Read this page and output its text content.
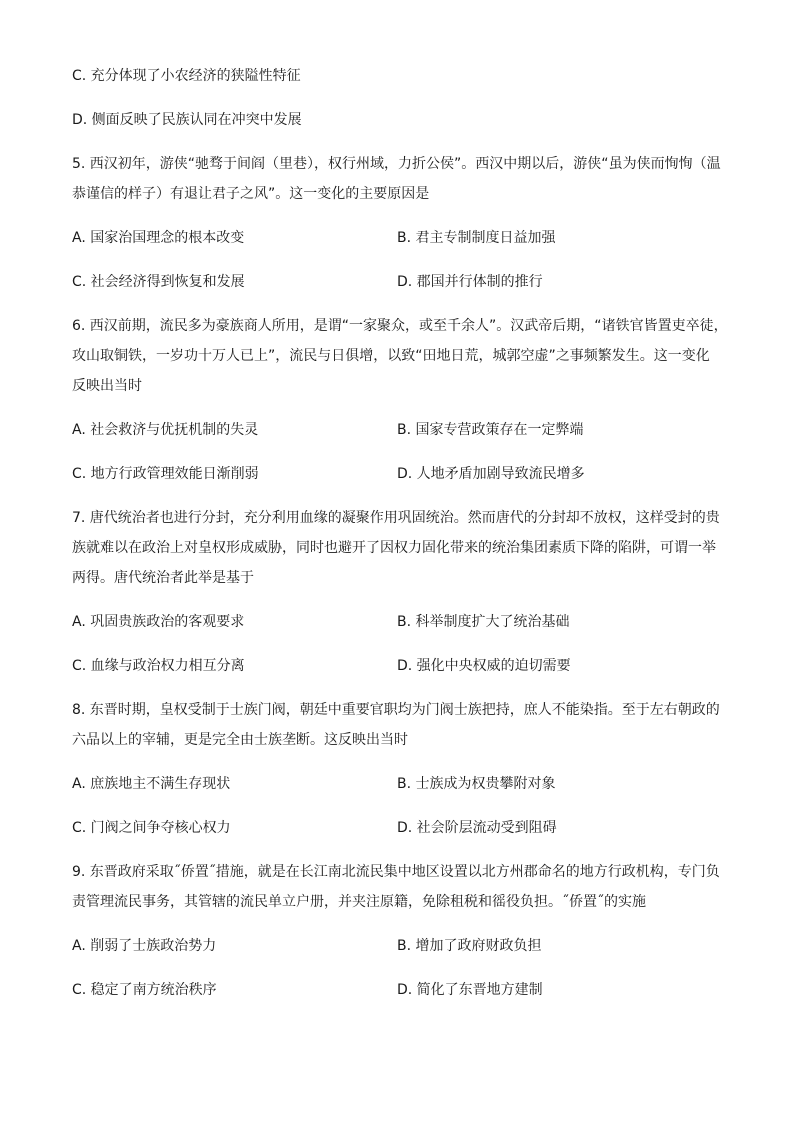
C. 充分体现了小农经济的狭隘性特征
D. 侧面反映了民族认同在冲突中发展
5. 西汉初年，游侠“驰骛于间阎（里巷），权行州域，力折公侯”。西汉中期以后，游侠“虽为侠而恂恂（温
恭谨信的样子）有退让君子之风”。这一变化的主要原因是
A. 国家治国理念的根本改变	B. 君主专制制度日益加强
C. 社会经济得到恢复和发展	D. 郡国并行体制的推行
6. 西汉前期，流民多为豪族商人所用，是谓“一家聚众，或至千余人”。汉武帝后期，“诸铁官皆置吏卒徒，
攻山取铜铁，一岁功十万人已上”，流民与日俱增，以致“田地日荒，城郭空虚”之事频繁发生。这一变化
反映出当时
A. 社会救济与优抚机制的失灵	B. 国家专营政策存在一定弊端
C. 地方行政管理效能日渐削弱	D. 人地矛盾加剧导致流民增多
7. 唐代统治者也进行分封，充分利用血缘的凝聚作用巩固统治。然而唐代的分封却不放权，这样受封的贵
族就难以在政治上对皇权形成威胁，同时也避开了因权力固化带来的统治集团素质下降的陷阱，可谓一举
两得。唐代统治者此举是基于
A. 巩固贵族政治的客观要求	B. 科举制度扩大了统治基础
C. 血缘与政治权力相互分离	D. 强化中央权威的迫切需要
8. 东晋时期，皇权受制于士族门阀，朝廷中重要官职均为门阀士族把持，庶人不能染指。至于左右朝政的
六品以上的宰辅，更是完全由士族垄断。这反映出当时
A. 庶族地主不满生存现状	B. 士族成为权贵攀附对象
C. 门阀之间争夺核心权力	D. 社会阶层流动受到阻碍
9. 东晋政府采取˝侨置˝措施，就是在长江南北流民集中地区设置以北方州郡命名的地方行政机构，专门负
责管理流民事务，其管辖的流民单立户册，并夹注原籍，免除租税和徭役负担。˝侨置˝的实施
A. 削弱了士族政治势力	B. 增加了政府财政负担
C. 稳定了南方统治秩序	D. 简化了东晋地方建制
